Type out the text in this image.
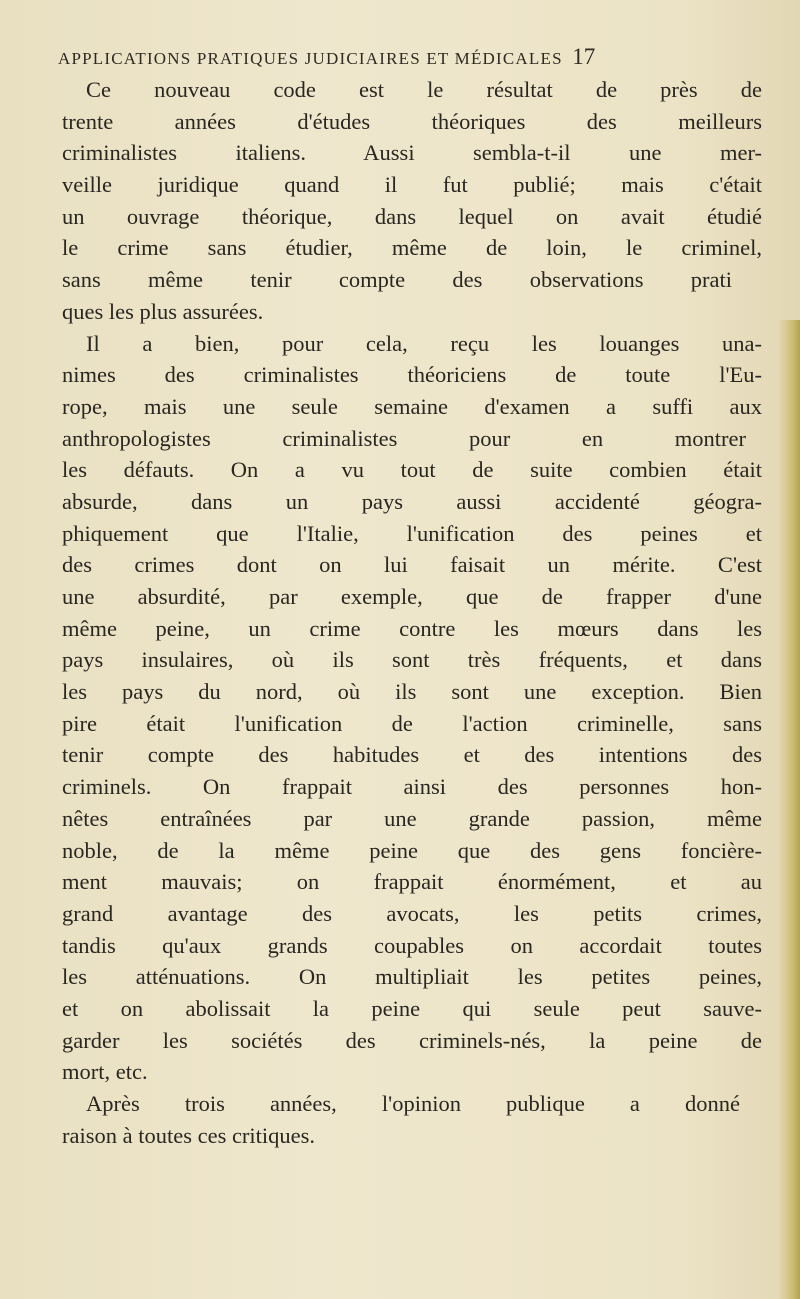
APPLICATIONS PRATIQUES JUDICIAIRES ET MÉDICALES 17
Ce nouveau code est le résultat de près de
trente années d'études théoriques des meilleurs
criminalistes italiens. Aussi sembla-t-il une mer-
veille juridique quand il fut publié; mais c'était
un ouvrage théorique, dans lequel on avait étudié
le crime sans étudier, même de loin, le criminel,
sans même tenir compte des observations prati
ques les plus assurées.
Il a bien, pour cela, reçu les louanges una-
nimes des criminalistes théoriciens de toute l'Eu-
rope, mais une seule semaine d'examen a suffi aux
anthropologistes criminalistes pour en montrer
les défauts. On a vu tout de suite combien était
absurde, dans un pays aussi accidenté géogra-
phiquement que l'Italie, l'unification des peines et
des crimes dont on lui faisait un mérite. C'est
une absurdité, par exemple, que de frapper d'une
même peine, un crime contre les mœurs dans les
pays insulaires, où ils sont très fréquents, et dans
les pays du nord, où ils sont une exception. Bien
pire était l'unification de l'action criminelle, sans
tenir compte des habitudes et des intentions des
criminels. On frappait ainsi des personnes hon-
nêtes entraînées par une grande passion, même
noble, de la même peine que des gens foncière-
ment mauvais; on frappait énormément, et au
grand avantage des avocats, les petits crimes,
tandis qu'aux grands coupables on accordait toutes
les atténuations. On multipliait les petites peines,
et on abolissait la peine qui seule peut sauve-
garder les sociétés des criminels-nés, la peine de
mort, etc.
Après trois années, l'opinion publique a donné
raison à toutes ces critiques.
